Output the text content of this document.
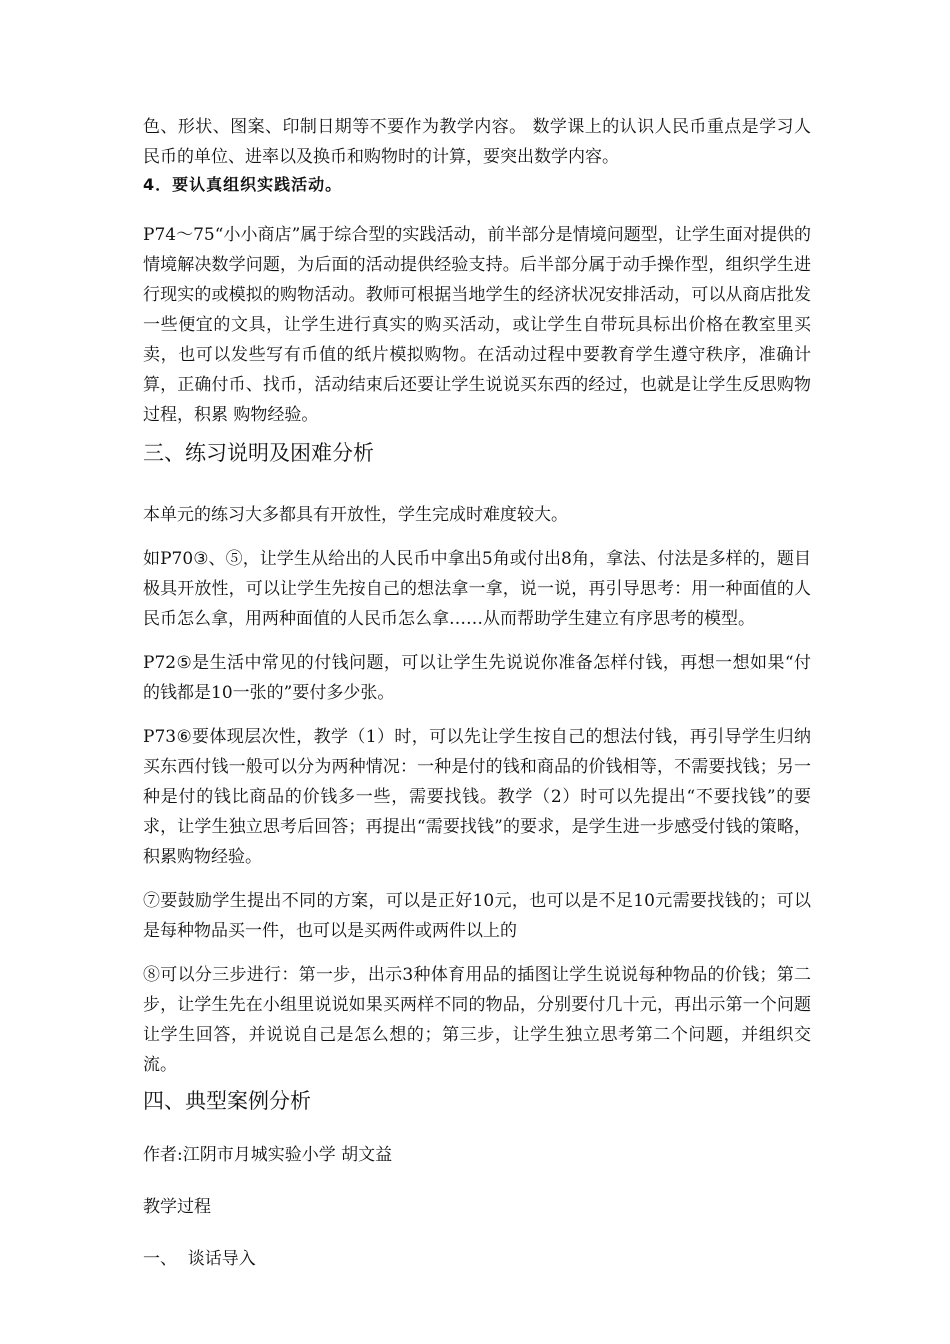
色、形状、图案、印制日期等不要作为教学内容。 数学课上的认识人民币重点是学习人民币的单位、进率以及换币和购物时的计算，要突出数学内容。

4．要认真组织实践活动。

P74～75“小小商店”属于综合型的实践活动，前半部分是情境问题型，让学生面对提供的情境解决数学问题，为后面的活动提供经验支持。后半部分属于动手操作型，组织学生进行现实的或模拟的购物活动。教师可根据当地学生的经济状况安排活动，可以从商店批发一些便宜的文具，让学生进行真实的购买活动，或让学生自带玩具标出价格在教室里买卖，也可以发些写有币值的纸片模拟购物。在活动过程中要教育学生遵守秩序，准确计算，正确付币、找币，活动结束后还要让学生说说买东西的经过，也就是让学生反思购物过程，积累 购物经验。

三、练习说明及困难分析

本单元的练习大多都具有开放性，学生完成时难度较大。

如P70③、⑤，让学生从给出的人民币中拿出5角或付出8角，拿法、付法是多样的，题目极具开放性，可以让学生先按自己的想法拿一拿，说一说，再引导思考：用一种面值的人民币怎么拿，用两种面值的人民币怎么拿……从而帮助学生建立有序思考的模型。

P72⑤是生活中常见的付钱问题，可以让学生先说说你准备怎样付钱，再想一想如果“付的钱都是10一张的”要付多少张。

P73⑥要体现层次性，教学（1）时，可以先让学生按自己的想法付钱，再引导学生归纳买东西付钱一般可以分为两种情况：一种是付的钱和商品的价钱相等，不需要找钱；另一种是付的钱比商品的价钱多一些，需要找钱。教学（2）时可以先提出“不要找钱”的要求，让学生独立思考后回答；再提出“需要找钱”的要求，是学生进一步感受付钱的策略，积累购物经验。

⑦要鼓励学生提出不同的方案，可以是正好10元，也可以是不足10元需要找钱的；可以是每种物品买一件，也可以是买两件或两件以上的

⑧可以分三步进行：第一步，出示3种体育用品的插图让学生说说每种物品的价钱；第二步，让学生先在小组里说说如果买两样不同的物品，分别要付几十元，再出示第一个问题让学生回答，并说说自己是怎么想的；第三步，让学生独立思考第二个问题，并组织交流。

四、典型案例分析

作者:江阴市月城实验小学 胡文益

教学过程

一、  谈话导入
